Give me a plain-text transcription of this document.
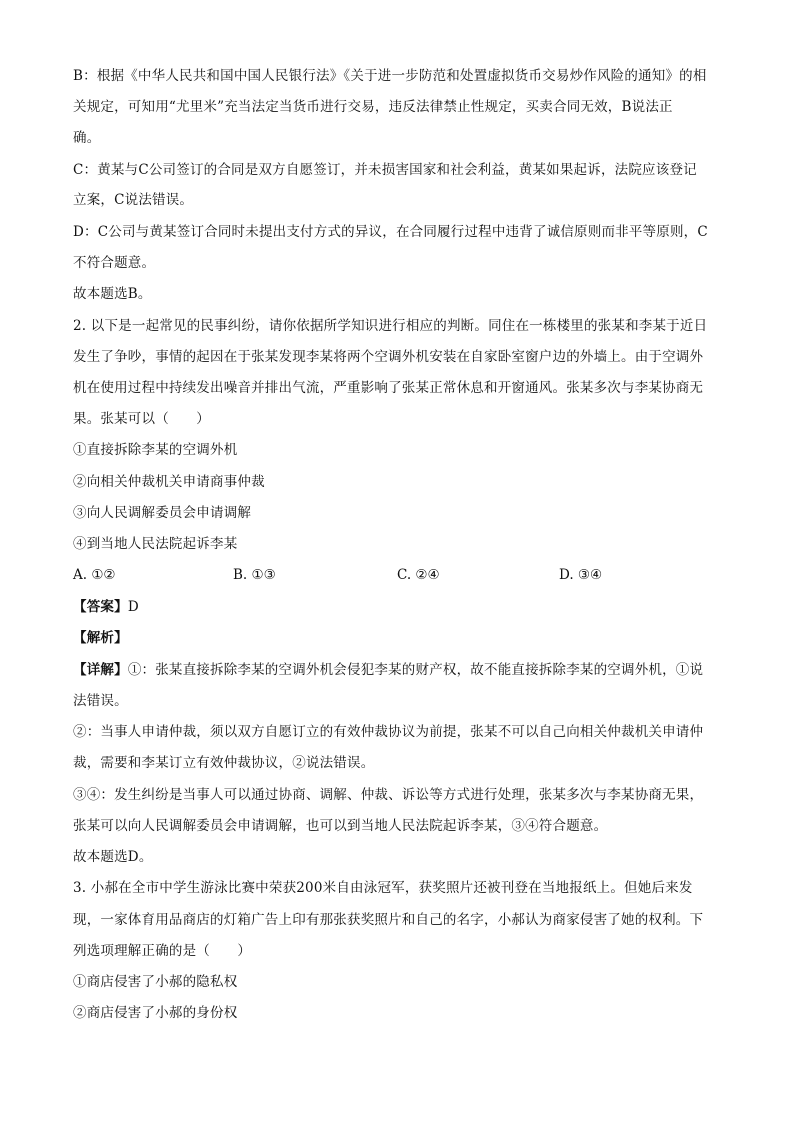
B：根据《中华人民共和国中国人民银行法》《关于进一步防范和处置虚拟货币交易炒作风险的通知》的相
关规定，可知用“尤里米”充当法定当货币进行交易，违反法律禁止性规定，买卖合同无效，B说法正
确。
C：黄某与C公司签订的合同是双方自愿签订，并未损害国家和社会利益，黄某如果起诉，法院应该登记
立案，C说法错误。
D：C公司与黄某签订合同时未提出支付方式的异议，在合同履行过程中违背了诚信原则而非平等原则，C
不符合题意。
故本题选B。
2. 以下是一起常见的民事纠纷，请你依据所学知识进行相应的判断。同住在一栋楼里的张某和李某于近日
发生了争吵，事情的起因在于张某发现李某将两个空调外机安装在自家卧室窗户边的外墙上。由于空调外
机在使用过程中持续发出噪音并排出气流，严重影响了张某正常休息和开窗通风。张某多次与李某协商无
果。张某可以（　　）
①直接拆除李某的空调外机
②向相关仲裁机关申请商事仲裁
③向人民调解委员会申请调解
④到当地人民法院起诉李某
A. ①②	B. ①③	C. ②④	D. ③④
【答案】D
【解析】
【详解】①：张某直接拆除李某的空调外机会侵犯李某的财产权，故不能直接拆除李某的空调外机，①说
法错误。
②：当事人申请仲裁，须以双方自愿订立的有效仲裁协议为前提，张某不可以自己向相关仲裁机关申请仲
裁，需要和李某订立有效仲裁协议，②说法错误。
③④：发生纠纷是当事人可以通过协商、调解、仲裁、诉讼等方式进行处理，张某多次与李某协商无果，
张某可以向人民调解委员会申请调解，也可以到当地人民法院起诉李某，③④符合题意。
故本题选D。
3. 小郝在全市中学生游泳比赛中荣获200米自由泳冠军，获奖照片还被刊登在当地报纸上。但她后来发
现，一家体育用品商店的灯箱广告上印有那张获奖照片和自己的名字，小郝认为商家侵害了她的权利。下
列选项理解正确的是（　　）
①商店侵害了小郝的隐私权
②商店侵害了小郝的身份权
